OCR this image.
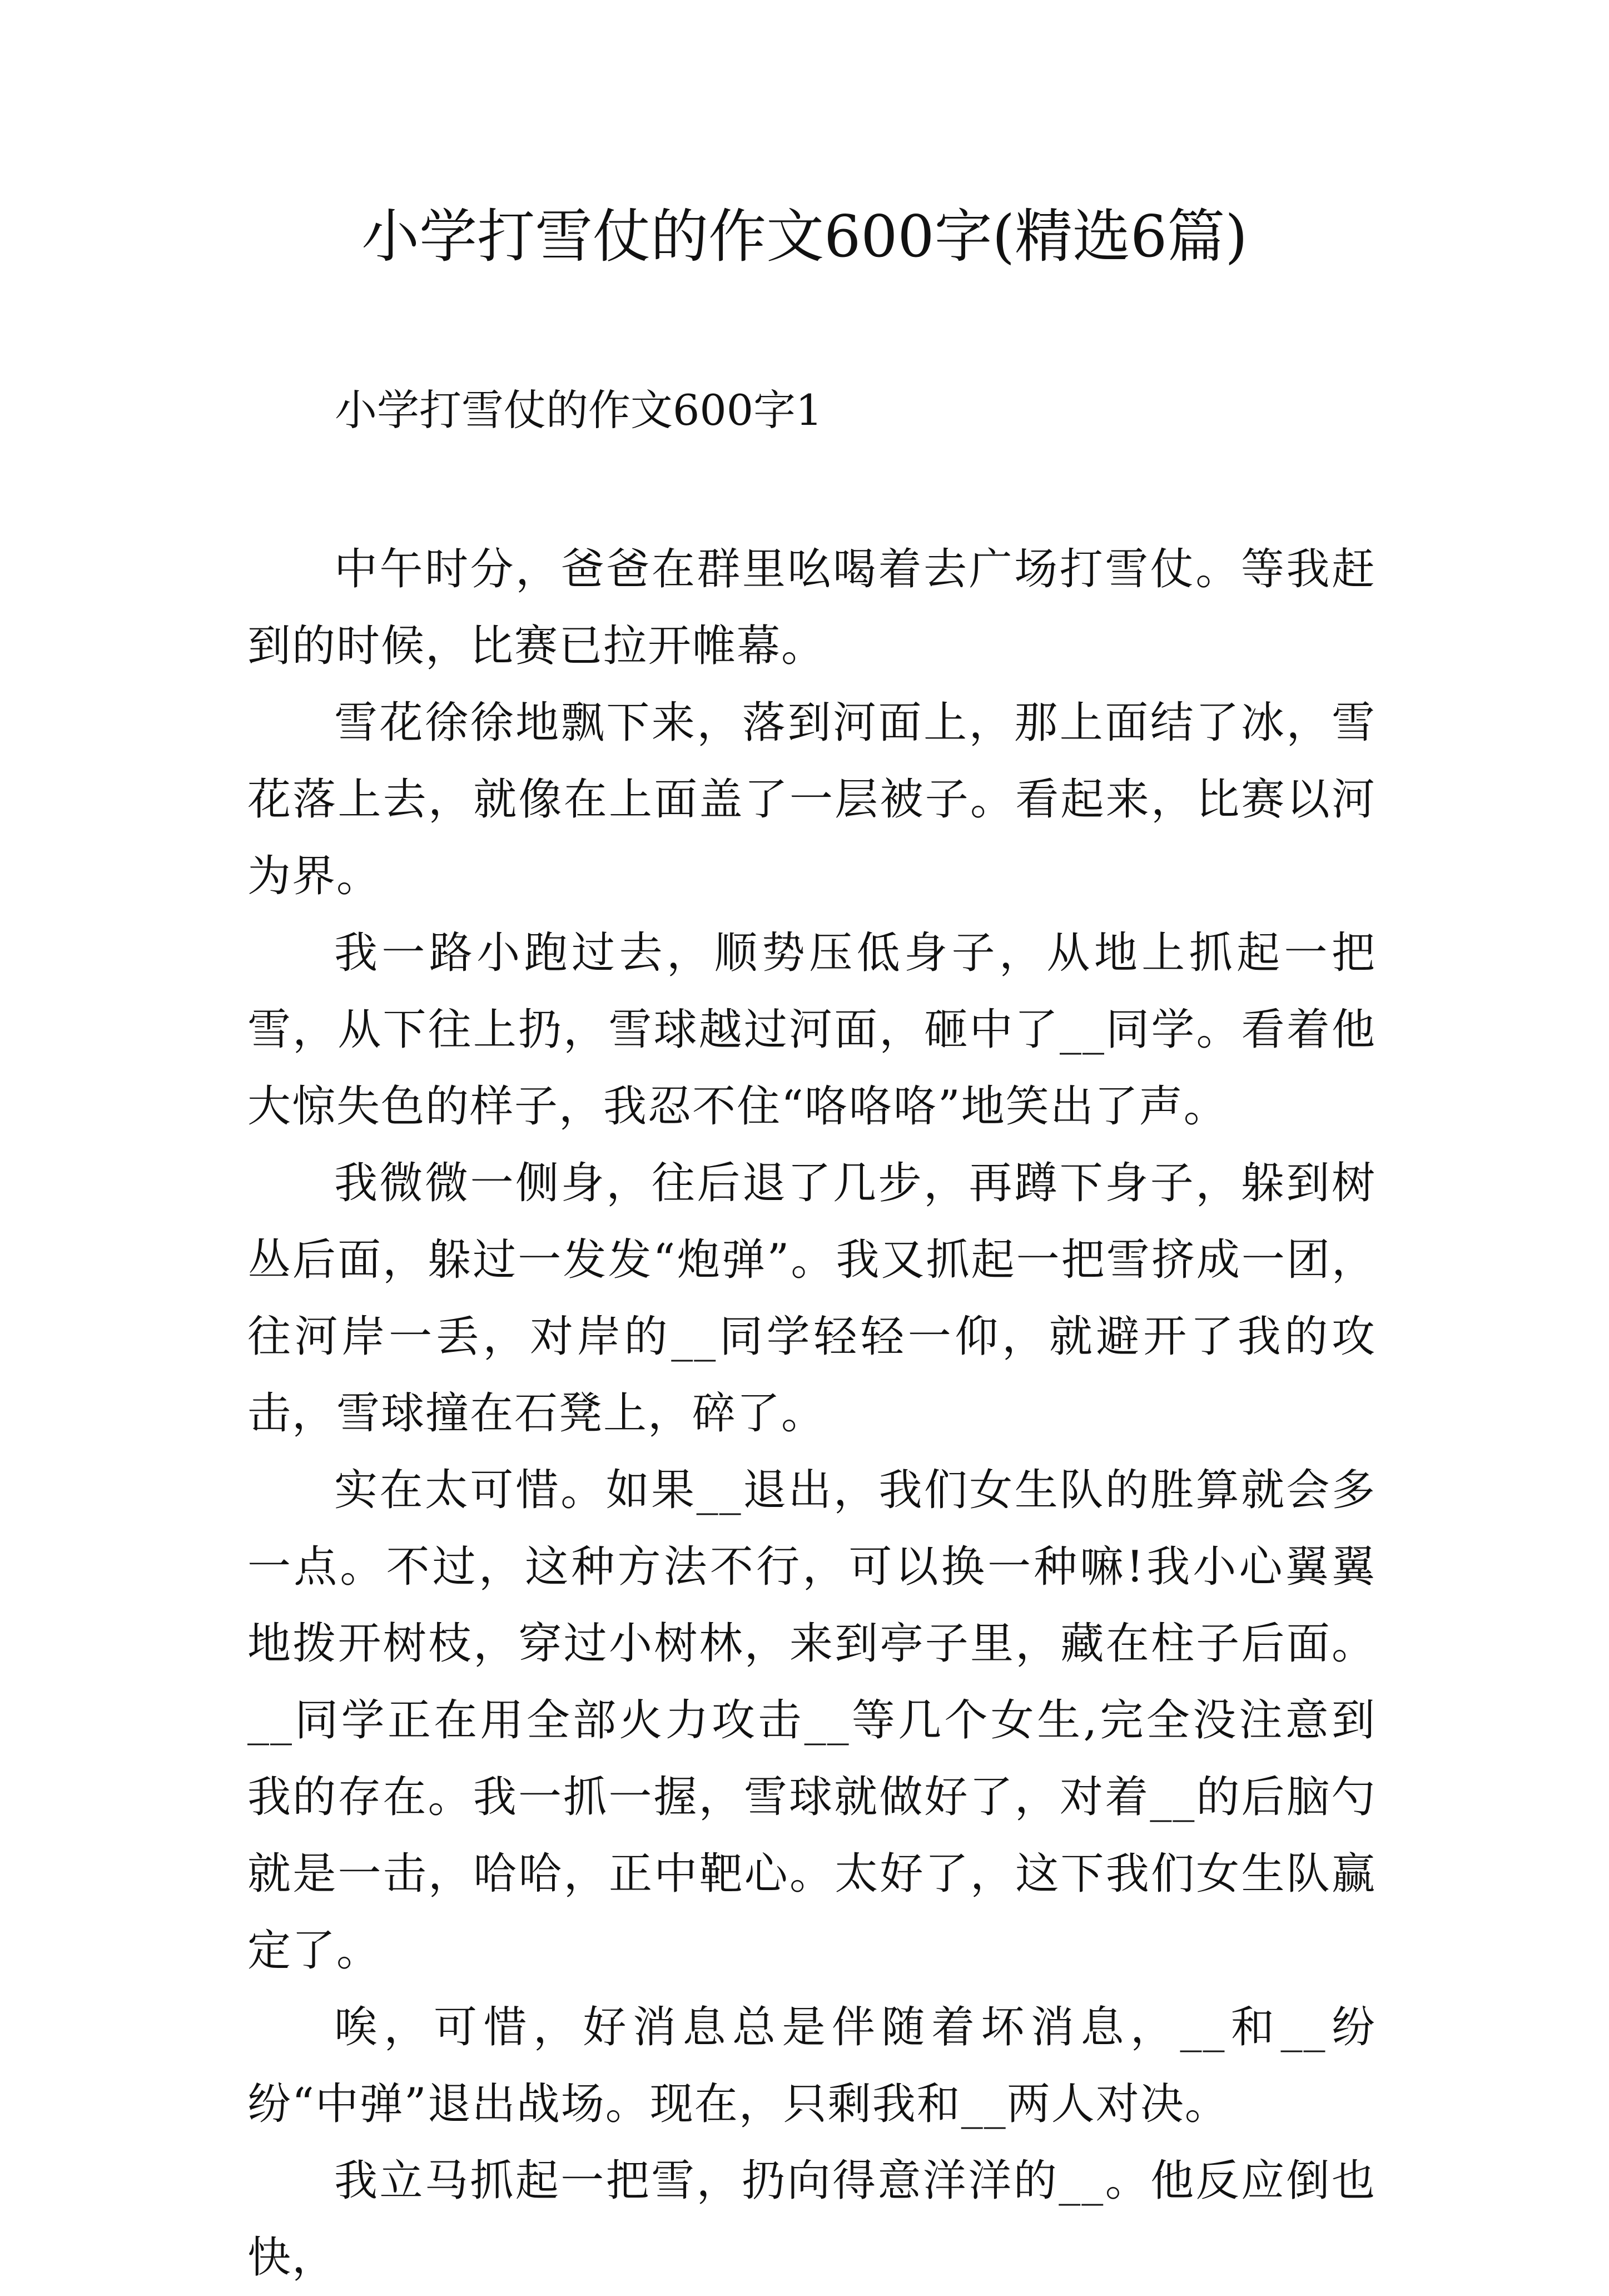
小学打雪仗的作文600字(精选6篇)
小学打雪仗的作文600字1

中午时分，爸爸在群里吆喝着去广场打雪仗。等我赶到的时候，比赛已拉开帷幕。

雪花徐徐地飘下来，落到河面上，那上面结了冰，雪花落上去，就像在上面盖了一层被子。看起来，比赛以河为界。

我一路小跑过去，顺势压低身子，从地上抓起一把雪，从下往上扔，雪球越过河面，砸中了__同学。看着他大惊失色的样子，我忍不住“咯咯咯”地笑出了声。

我微微一侧身，往后退了几步，再蹲下身子，躲到树丛后面，躲过一发发“炮弹”。我又抓起一把雪挤成一团，往河岸一丢，对岸的__同学轻轻一仰，就避开了我的攻击，雪球撞在石凳上，碎了。

实在太可惜。如果__退出，我们女生队的胜算就会多一点。不过，这种方法不行，可以换一种嘛!我小心翼翼地拨开树枝，穿过小树林，来到亭子里，藏在柱子后面。__同学正在用全部火力攻击__等几个女生,完全没注意到我的存在。我一抓一握，雪球就做好了，对着__的后脑勺就是一击，哈哈，正中靶心。太好了，这下我们女生队赢定了。

唉，可惜，好消息总是伴随着坏消息，__和__纷纷“中弹”退出战场。现在，只剩我和__两人对决。

我立马抓起一把雪，扔向得意洋洋的__。他反应倒也快，
